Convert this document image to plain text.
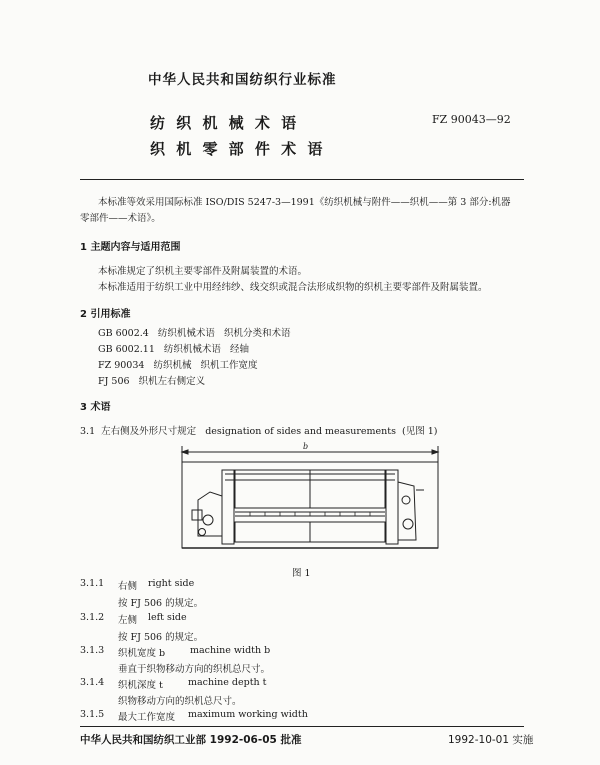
中华人民共和国纺织行业标准
纺 织 机 械 术 语
织 机 零 部 件 术 语
FZ 90043—92
本标准等效采用国际标准 ISO/DIS 5247-3—1991《纺织机械与附件——织机——第 3 部分:机器
零部件——术语》。
1 主题内容与适用范围
本标准规定了织机主要零部件及附属装置的术语。
本标准适用于纺织工业中用经纬纱、线交织或混合法形成织物的织机主要零部件及附属装置。
2 引用标准
GB 6002.4   纺织机械术语   织机分类和术语
GB 6002.11   纺织机械术语   经轴
FZ 90034   纺织机械   织机工作宽度
FJ 506   织机左右侧定义
3 术语
3.1  左右侧及外形尺寸规定   designation of sides and measurements  (见图 1)
b
图 1
3.1.1 右侧 right side
按 FJ 506 的规定。
3.1.2 左侧 left side
按 FJ 506 的规定。
3.1.3 织机宽度 b	machine width b
垂直于织物移动方向的织机总尺寸。
3.1.4 织机深度 t	machine depth t
织物移动方向的织机总尺寸。
3.1.5 最大工作宽度 maximum working width
中华人民共和国纺织工业部 1992-06-05 批准	1992-10-01 实施
